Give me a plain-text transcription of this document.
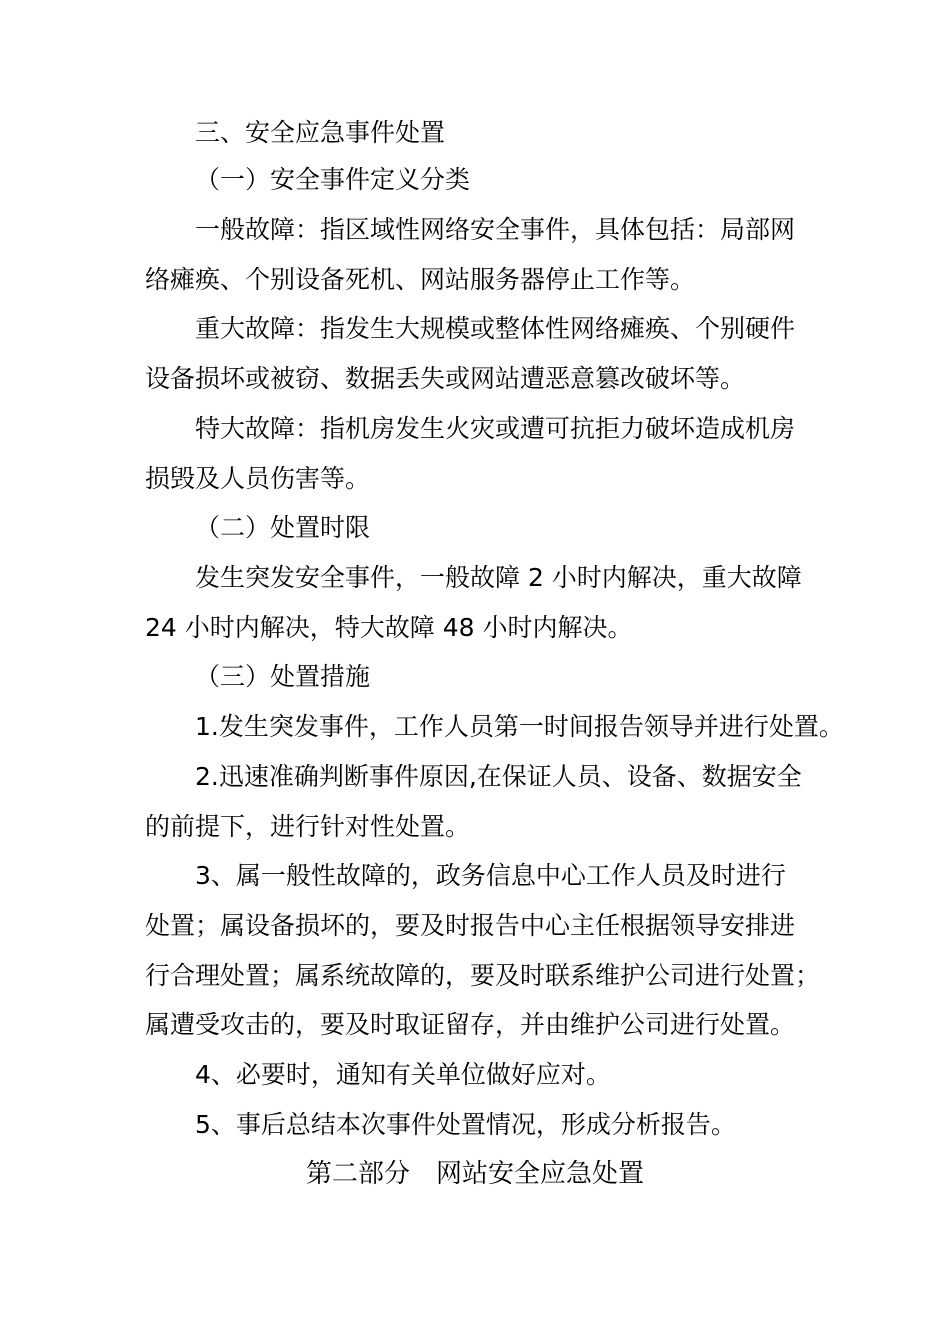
三、安全应急事件处置
（一）安全事件定义分类
一般故障：指区域性网络安全事件，具体包括：局部网
络瘫痪、个别设备死机、网站服务器停止工作等。
重大故障：指发生大规模或整体性网络瘫痪、个别硬件
设备损坏或被窃、数据丢失或网站遭恶意篡改破坏等。
特大故障：指机房发生火灾或遭可抗拒力破坏造成机房
损毁及人员伤害等。
（二）处置时限
发生突发安全事件，一般故障 2 小时内解决，重大故障
24 小时内解决，特大故障 48 小时内解决。
（三）处置措施
1.发生突发事件，工作人员第一时间报告领导并进行处置。
2.迅速准确判断事件原因,在保证人员、设备、数据安全
的前提下，进行针对性处置。
3、属一般性故障的，政务信息中心工作人员及时进行
处置；属设备损坏的，要及时报告中心主任根据领导安排进
行合理处置；属系统故障的，要及时联系维护公司进行处置；
属遭受攻击的，要及时取证留存，并由维护公司进行处置。
4、必要时，通知有关单位做好应对。
5、事后总结本次事件处置情况，形成分析报告。
第二部分　网站安全应急处置
